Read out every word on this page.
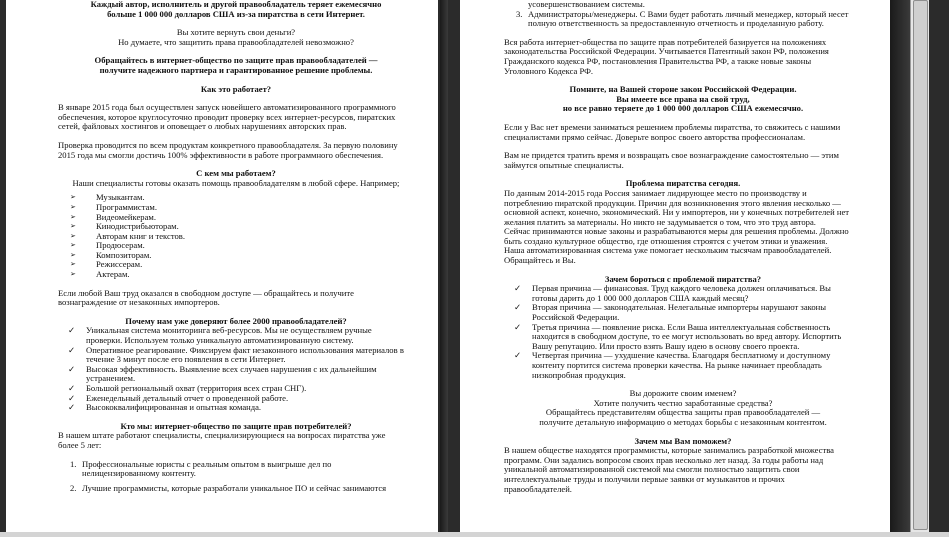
Каждый автор, исполнитель и другой правообладатель теряет ежемесячно
больше 1 000 000 долларов США из-за пиратства в сети Интернет.
Вы хотите вернуть свои деньги?
Но думаете, что защитить права правообладателей невозможно?
Обращайтесь в интернет-общество по защите прав правообладателей —
получите надежного партнера и гарантированное решение проблемы.

Как это работает?

В январе 2015 года был осуществлен запуск новейшего автоматизированного программного
обеспечения, которое круглосуточно проводит проверку всех интернет-ресурсов, пиратских
сетей, файловых хостингов и оповещает о любых нарушениях авторских прав.
Проверка проводится по всем продуктам конкретного правообладателя. За первую половину
2015 года мы смогли достичь 100% эффективности в работе программного обеспечения.

С кем мы работаем?

Наши специалисты готовы оказать помощь правообладателям в любой сфере. Например;

➢ Музыкантам.
➢ Программистам.
➢ Видеомейкерам.
➢ Кинодистрибьюторам.
➢ Авторам книг и текстов.
➢ Продюсерам.
➢ Композиторам.
➢ Режиссерам.
➢ Актерам.
Если любой Ваш труд оказался в свободном доступе — обращайтесь и получите
вознаграждение от незаконных импортеров.

Почему нам уже доверяют более 2000 правообладателей?

✓ Уникальная система мониторинга веб-ресурсов. Мы не осуществляем ручные
проверки. Используем только уникальную автоматизированную систему.
✓ Оперативное реагирование. Фиксируем факт незаконного использования материалов в
течение 3 минут после его появления в сети Интернет.
✓ Высокая эффективность. Выявление всех случаев нарушения с их дальнейшим
устранением.
✓ Большой региональный охват (территория всех стран СНГ).
✓ Еженедельный детальный отчет о проведенной работе.
✓ Высококвалифицированная и опытная команда.

Кто мы: интернет-общество по защите прав потребителей?

В нашем штате работают специалисты, специализирующиеся на вопросах пиратства уже
более 5 лет:
1. Профессиональные юристы с реальным опытом в выигрыше дел по
нелицензированному контенту.
2. Лучшие программисты, которые разработали уникальное ПО и сейчас занимаются
усовершенствованием системы.
3. Администраторы/менеджеры. С Вами будет работать личный менеджер, который несет
полную ответственность за предоставленную отчетность и проделанную работу.
Вся работа интернет-общества по защите прав потребителей базируется на положениях
законодательства Российской Федерации. Учитывается Патентный закон РФ, положения
Гражданского кодекса РФ, постановления Правительства РФ, а также новые законы
Уголовного Кодекса РФ.
Помните, на Вашей стороне закон Российской Федерации.
Вы имеете все права на свой труд,
но все равно теряете до 1 000 000 долларов США ежемесячно.
Если у Вас нет времени заниматься решением проблемы пиратства, то свяжитесь с нашими
специалистами прямо сейчас. Доверьте вопрос своего авторства профессионалам.
Вам не придется тратить время и возвращать свое вознаграждение самостоятельно — этим
займутся опытные специалисты.

Проблема пиратства сегодня.

По данным 2014-2015 года Россия занимает лидирующее место по производству и
потреблению пиратской продукции. Причин для возникновения этого явления несколько —
основной аспект, конечно, экономический. Ни у импортеров, ни у конечных потребителей нет
желания платить за материалы. Но никто не задумывается о том, что это труд автора.
Сейчас принимаются новые законы и разрабатываются меры для решения проблемы. Должно
быть создано культурное общество, где отношения строятся с учетом этики и уважения.
Наша автоматизированная система уже помогает нескольким тысячам правообладателей.
Обращайтесь и Вы.

Зачем бороться с проблемой пиратства?

✓ Первая причина — финансовая. Труд каждого человека должен оплачиваться. Вы
готовы дарить до 1 000 000 долларов США каждый месяц?
✓ Вторая причина — законодательная. Нелегальные импортеры нарушают законы
Российской Федерации.
✓ Третья причина — появление риска. Если Ваша интеллектуальная собственность
находится в свободном доступе, то ее могут использовать во вред автору. Испортить
Вашу репутацию. Или просто взять Вашу идею в основу своего проекта.
✓ Четвертая причина — ухудшение качества. Благодаря бесплатному и доступному
контенту портится система проверки качества. На рынке начинает преобладать
низкопробная продукция.
Вы дорожите своим именем?
Хотите получить честно заработанные средства?
Обращайтесь представителям общества защиты прав правообладателей —
получите детальную информацию о методах борьбы с незаконным контентом.

Зачем мы Вам поможем?

В нашем обществе находятся программисты, которые занимались разработкой множества
программ. Они задались вопросом своих прав несколько лет назад. За годы работы над
уникальной автоматизированной системой мы смогли полностью защитить свои
интеллектуальные труды и получили первые заявки от музыкантов и прочих
правообладателей.
